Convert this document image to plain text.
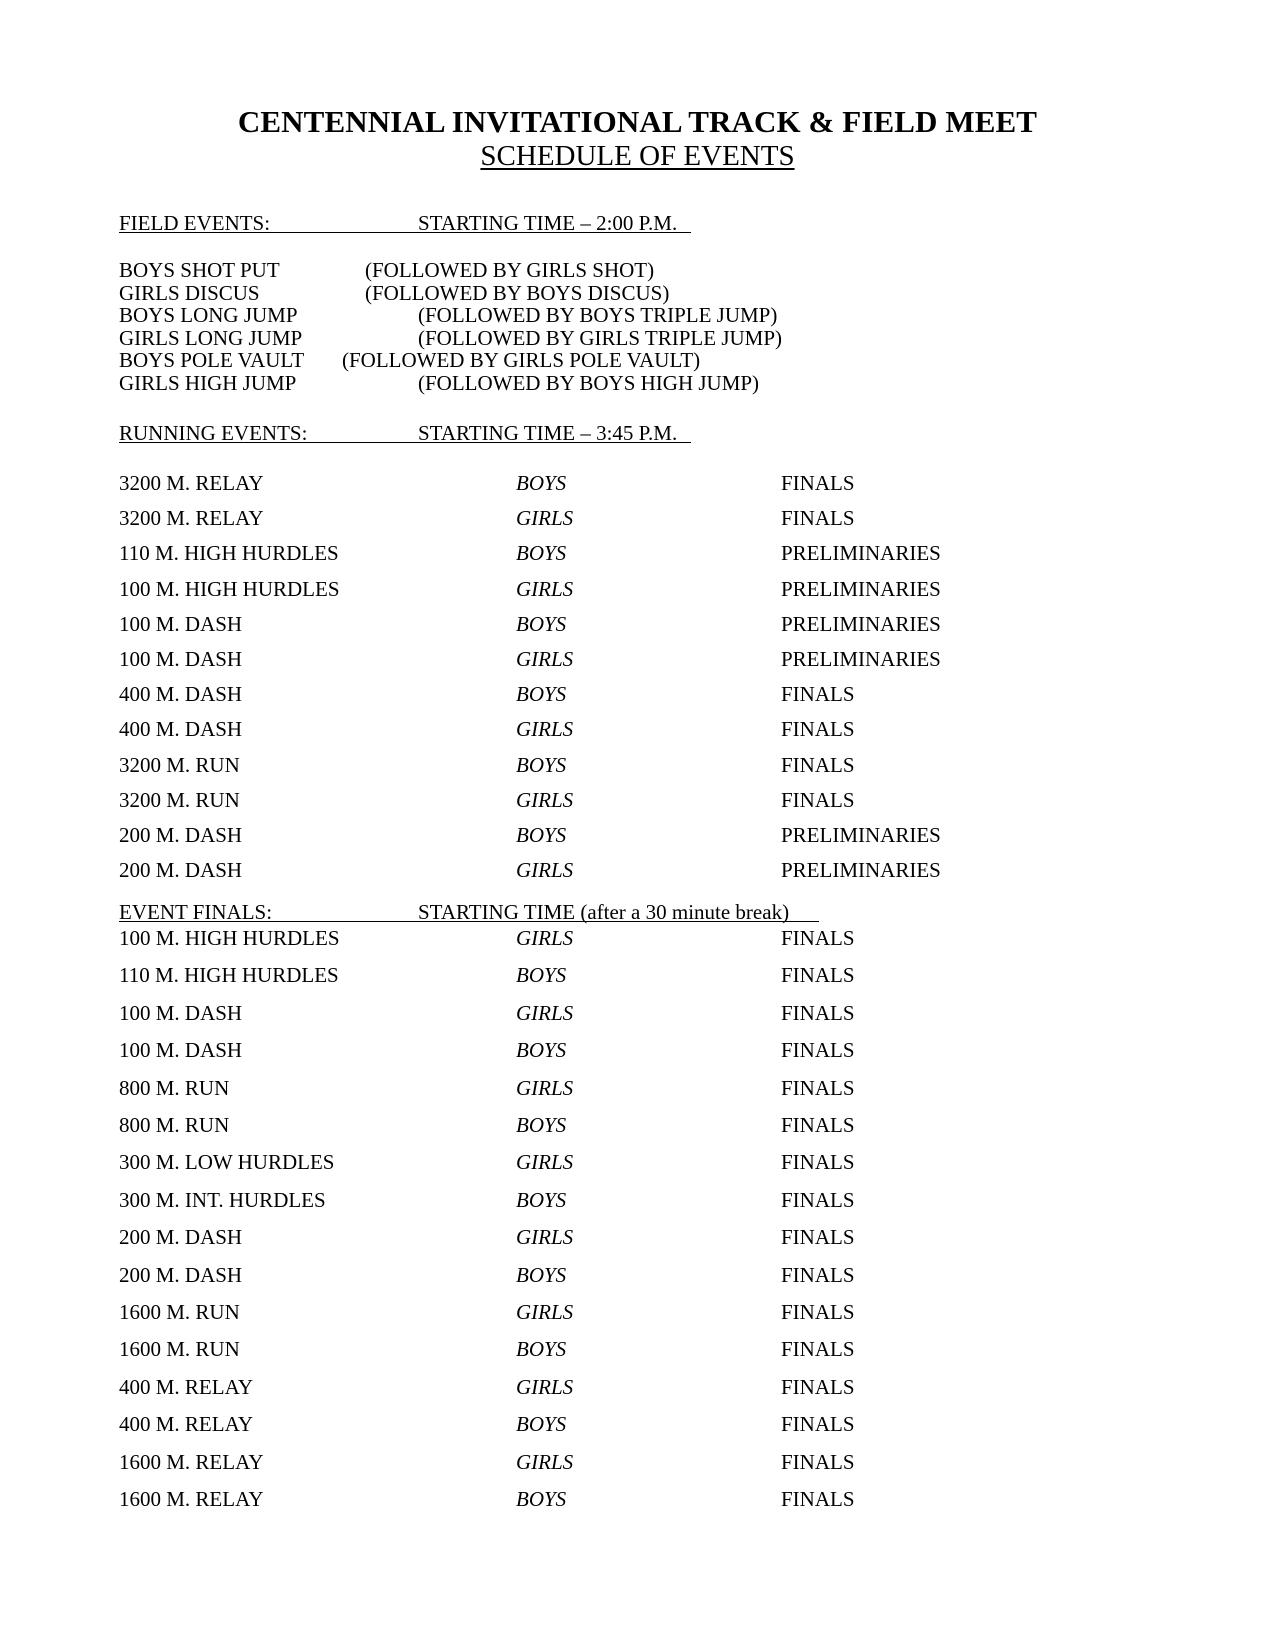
CENTENNIAL INVITATIONAL TRACK & FIELD MEET
SCHEDULE OF EVENTS
FIELD EVENTS:	STARTING TIME – 2:00 P.M.
BOYS SHOT PUT	(FOLLOWED BY GIRLS SHOT)
GIRLS DISCUS	(FOLLOWED BY BOYS DISCUS)
BOYS LONG JUMP	(FOLLOWED BY BOYS TRIPLE JUMP)
GIRLS LONG JUMP	(FOLLOWED BY GIRLS TRIPLE JUMP)
BOYS POLE VAULT (FOLLOWED BY GIRLS POLE VAULT)
GIRLS HIGH JUMP	(FOLLOWED BY BOYS HIGH JUMP)
RUNNING EVENTS:	STARTING TIME – 3:45 P.M.
3200 M. RELAY	BOYS	FINALS
3200 M. RELAY	GIRLS	FINALS
110 M. HIGH HURDLES	BOYS	PRELIMINARIES
100 M. HIGH HURDLES	GIRLS	PRELIMINARIES
100 M. DASH	BOYS	PRELIMINARIES
100 M. DASH	GIRLS	PRELIMINARIES
400 M. DASH	BOYS	FINALS
400 M. DASH	GIRLS	FINALS
3200 M. RUN	BOYS	FINALS
3200 M. RUN	GIRLS	FINALS
200 M. DASH	BOYS	PRELIMINARIES
200 M. DASH	GIRLS	PRELIMINARIES
EVENT FINALS:	STARTING TIME (after a 30 minute break)
100 M. HIGH HURDLES	GIRLS	FINALS
110 M. HIGH HURDLES	BOYS	FINALS
100 M. DASH	GIRLS	FINALS
100 M. DASH	BOYS	FINALS
800 M. RUN	GIRLS	FINALS
800 M. RUN	BOYS	FINALS
300 M. LOW HURDLES	GIRLS	FINALS
300 M. INT. HURDLES	BOYS	FINALS
200 M. DASH	GIRLS	FINALS
200 M. DASH	BOYS	FINALS
1600 M. RUN	GIRLS	FINALS
1600 M. RUN	BOYS	FINALS
400 M. RELAY	GIRLS	FINALS
400 M. RELAY	BOYS	FINALS
1600 M. RELAY	GIRLS	FINALS
1600 M. RELAY	BOYS	FINALS
